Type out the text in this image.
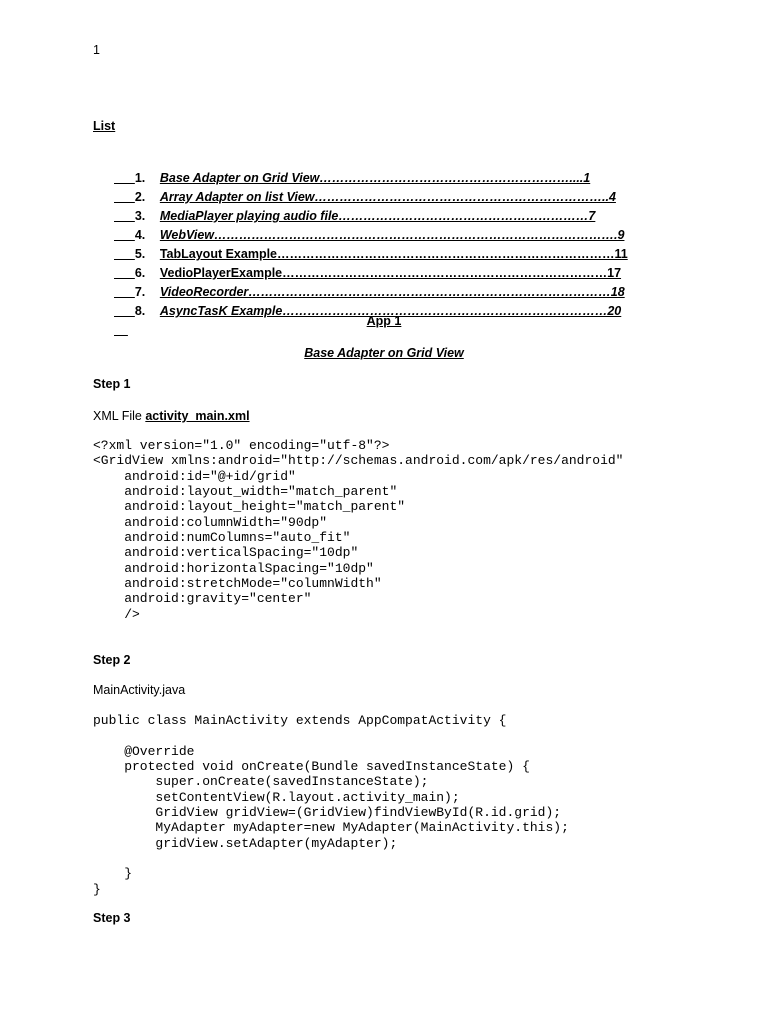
1
List

1. Base Adapter on Grid View……………………………………………………....1

2. Array Adapter on list View……………………………………………………………..4

3. MediaPlayer playing audio file……………………………………………………7

4. WebView…………………………………………………………………………………….9

5. TabLayout Example………………………………………………………………………11

6. VedioPlayerExample……………………………………………………………………17

7. VideoRecorder……………………………………………………………………………18

8. AsyncTasK Example……………………………………………………………………20

App 1
Base Adapter on Grid View
Step 1
XML File activity_main.xml
<?xml version="1.0" encoding="utf-8"?>
<GridView xmlns:android="http://schemas.android.com/apk/res/android"
android:id="@+id/grid"
android:layout_width="match_parent"
android:layout_height="match_parent"
android:columnWidth="90dp"
android:numColumns="auto_fit"
android:verticalSpacing="10dp"
android:horizontalSpacing="10dp"
android:stretchMode="columnWidth"
android:gravity="center"
/>
Step 2
MainActivity.java
public class MainActivity extends AppCompatActivity {

@Override
protected void onCreate(Bundle savedInstanceState) {
super.onCreate(savedInstanceState);
setContentView(R.layout.activity_main);
GridView gridView=(GridView)findViewById(R.id.grid);
MyAdapter myAdapter=new MyAdapter(MainActivity.this);
gridView.setAdapter(myAdapter);

}
}
Step 3
